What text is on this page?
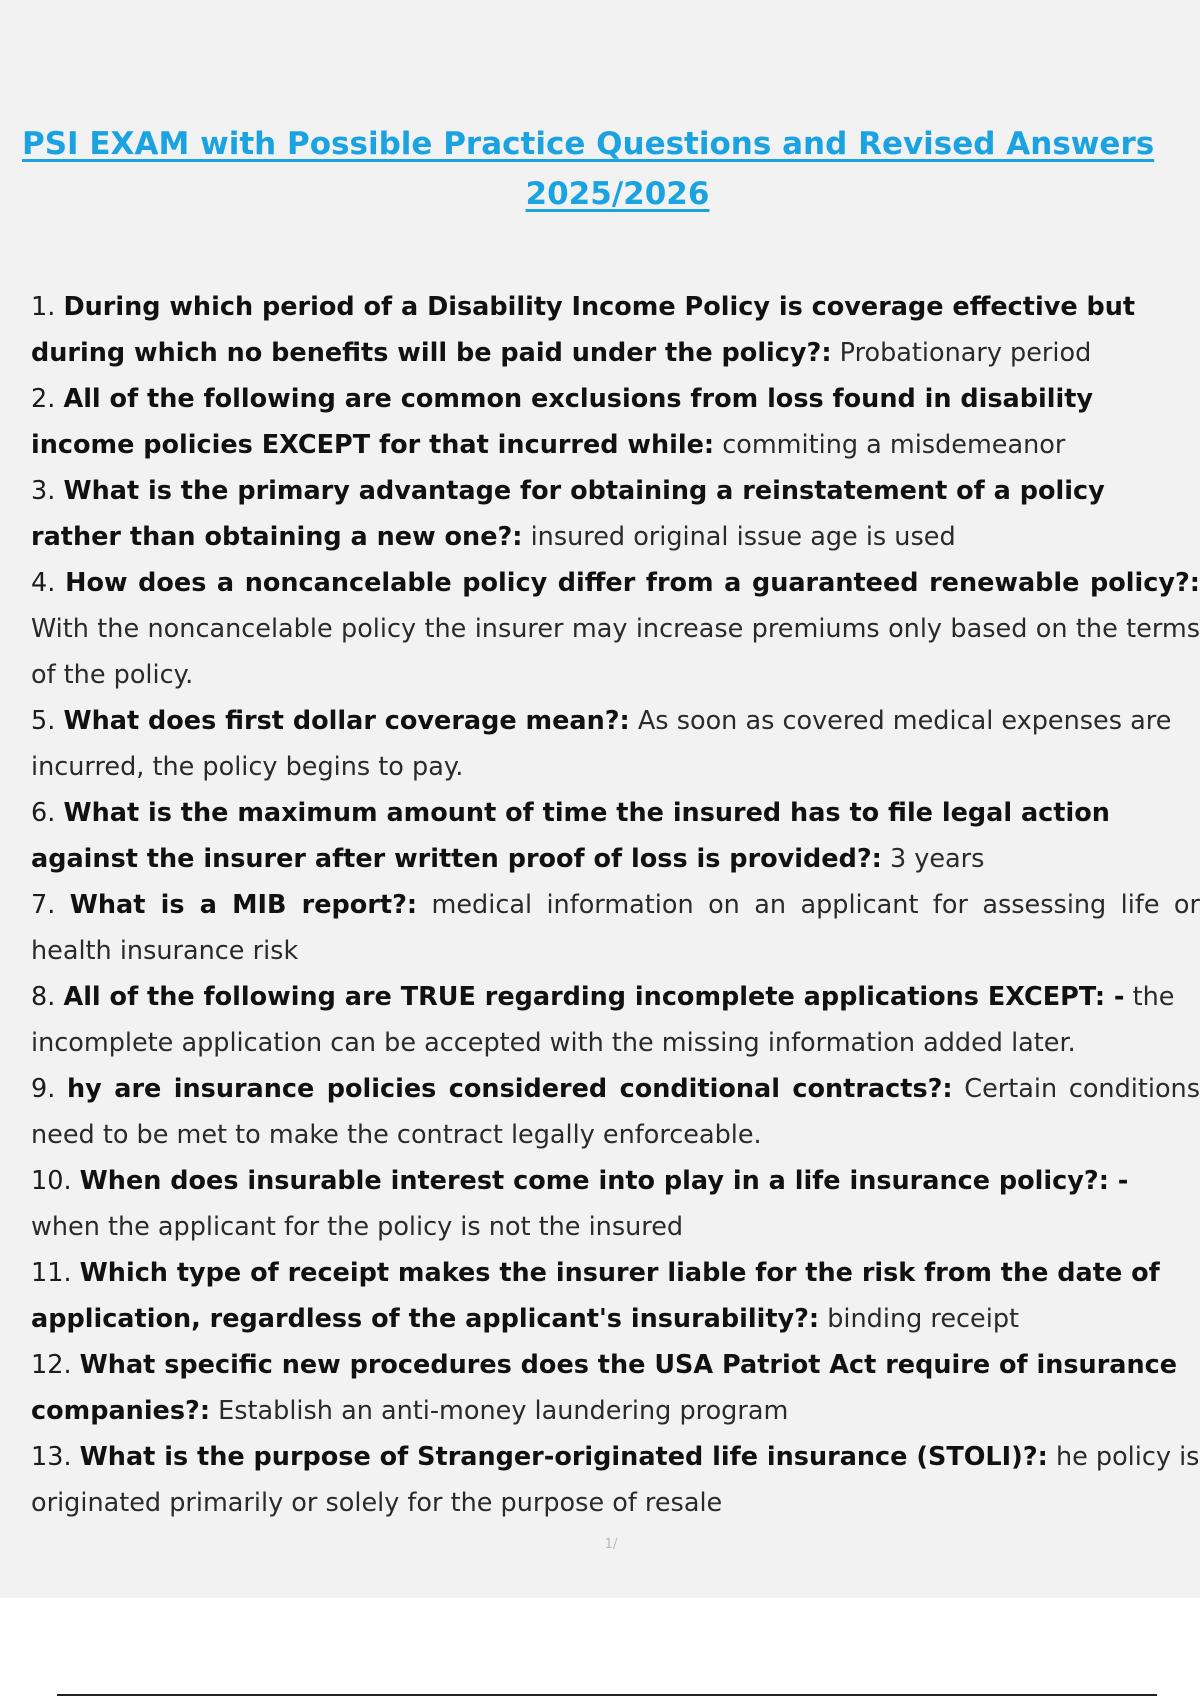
PSI EXAM with Possible Practice Questions and Revised Answers
2025/2026
1. During which period of a Disability Income Policy is coverage effective but during which no benefits will be paid under the policy?: Probationary period
2. All of the following are common exclusions from loss found in disability income policies EXCEPT for that incurred while: commiting a misdemeanor
3. What is the primary advantage for obtaining a reinstatement of a policy rather than obtaining a new one?: insured original issue age is used
4. How does a noncancelable policy differ from a guaranteed renewable policy?: With the noncancelable policy the insurer may increase premiums only based on the terms of the policy.
5. What does first dollar coverage mean?: As soon as covered medical expenses are incurred, the policy begins to pay.
6. What is the maximum amount of time the insured has to file legal action against the insurer after written proof of loss is provided?: 3 years
7. What is a MIB report?: medical information on an applicant for assessing life or health insurance risk
8. All of the following are TRUE regarding incomplete applications EXCEPT: - the incomplete application can be accepted with the missing information added later.
9. hy are insurance policies considered conditional contracts?: Certain conditions need to be met to make the contract legally enforceable.
10. When does insurable interest come into play in a life insurance policy?: - when the applicant for the policy is not the insured
11. Which type of receipt makes the insurer liable for the risk from the date of application, regardless of the applicant's insurability?: binding receipt
12. What specific new procedures does the USA Patriot Act require of insurance companies?: Establish an anti-money laundering program
13. What is the purpose of Stranger-originated life insurance (STOLI)?: he policy is originated primarily or solely for the purpose of resale
1/
